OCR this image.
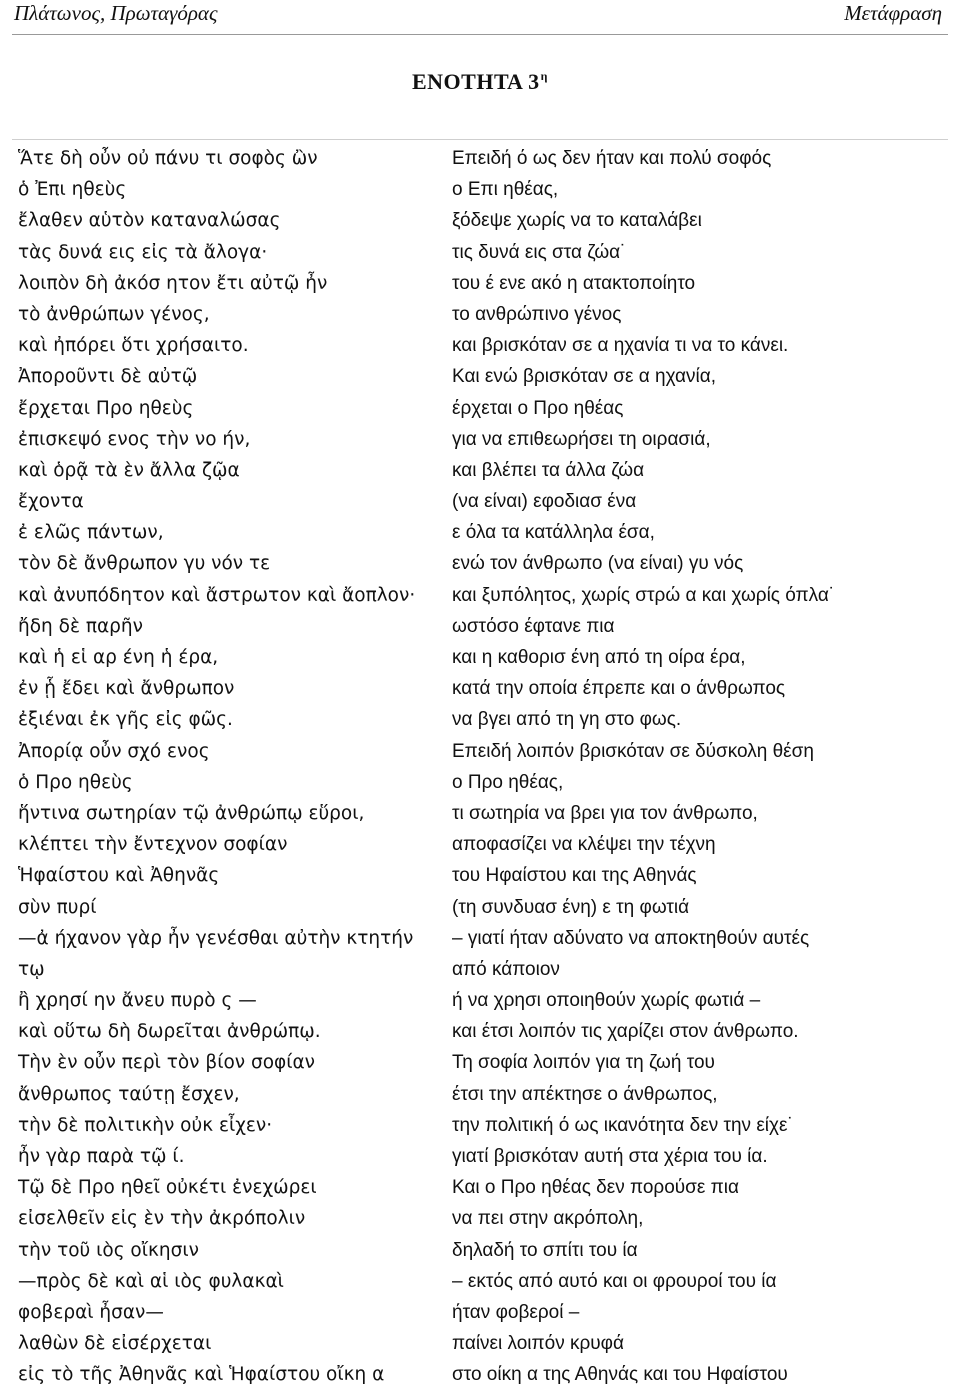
Πλάτωνος, Πρωταγόρας	Μετάφραση
ΕΝΟΤΗΤΑ $3^\eta$
Ἅτε δὴ οὖν οὐ πάνυ τι σοφὸς ὢν
ὁ Ἐπι ηθεὺς
ἔλαθεν αὑτὸν καταναλώσας
τὰς δυνά εις εἰς τὰ ἄλογα·
λοιπὸν δὴ ἀκόσ ητον ἔτι αὐτῷ ἦν
τὸ ἀνθρώπων γένος,
καὶ ἠπόρει ὅτι χρήσαιτο.
Ἀποροῦντι δὲ αὐτῷ
ἔρχεται Προ ηθεὺς
ἐπισκεψό ενος τὴν νο ήν,
καὶ ὁρᾷ τὰ ὲν ἄλλα ζῷα
ἔχοντα
ἐ ελῶς πάντων,
τὸν δὲ ἄνθρωπον γυ νόν τε
καὶ ἀνυπόδητον καὶ ἄστρωτον καὶ ἄοπλον·
ἤδη δὲ παρῆν
καὶ ἡ εἱ αρ ένη ἡ έρα,
ἐν ᾗ ἔδει καὶ ἄνθρωπον
ἐξιέναι ἐκ γῆς εἰς φῶς.
Ἀπορίᾳ οὖν σχό ενος
ὁ Προ ηθεὺς
ἥντινα σωτηρίαν τῷ ἀνθρώπῳ εὕροι,
κλέπτει τὴν ἔντεχνον σοφίαν
Ἡφαίστου καὶ Ἀθηνᾶς
σὺν πυρί
—ἀ ήχανον γὰρ ἦν γενέσθαι αὐτὴν κτητήν
τῳ
ἢ χρησί ην ἄνευ πυρὸ ς —
καὶ οὕτω δὴ δωρεῖται ἀνθρώπῳ.
Τὴν ὲν οὖν περὶ τὸν βίον σοφίαν
ἄνθρωπος ταύτῃ ἔσχεν,
τὴν δὲ πολιτικὴν οὐκ εἶχεν·
ἦν γὰρ παρὰ τῷ ί.
Τῷ δὲ Προ ηθεῖ οὐκέτι ἐνεχώρει
εἰσελθεῖν εἰς ὲν τὴν ἀκρόπολιν
τὴν τοῦ ιὸς οἴκησιν
—πρὸς δὲ καὶ αἱ ιὸς φυλακαὶ
φοβεραὶ ἦσαν—
λαθὼν δὲ εἰσέρχεται
εἰς τὸ τῆς Ἀθηνᾶς καὶ Ἡφαίστου οἴκη α
Επειδή ό ως δεν ήταν και πολύ σοφός
ο Επι ηθέας,
ξόδεψε χωρίς να το καταλάβει
τις δυνά εις στα ζώα˙
του έ ενε ακό η ατακτοποίητο
το ανθρώπινο γένος
και βρισκόταν σε α ηχανία τι να το κάνει.
Και ενώ βρισκόταν σε α ηχανία,
έρχεται ο Προ ηθέας
για να επιθεωρήσει τη οιρασιά,
και βλέπει τα άλλα ζώα
(να είναι) εφοδιασ ένα
ε όλα τα κατάλληλα έσα,
ενώ τον άνθρωπο (να είναι) γυ νός
και ξυπόλητος, χωρίς στρώ α και χωρίς όπλα˙
ωστόσο έφτανε πια
και η καθορισ ένη από τη οίρα έρα,
κατά την οποία έπρεπε και ο άνθρωπος
να βγει από τη γη στο φως.
Επειδή λοιπόν βρισκόταν σε δύσκολη θέση
ο Προ ηθέας,
τι σωτηρία να βρει για τον άνθρωπο,
αποφασίζει να κλέψει την τέχνη
του Ηφαίστου και της Αθηνάς
(τη συνδυασ ένη) ε τη φωτιά
– γιατί ήταν αδύνατο να αποκτηθούν αυτές
από κάποιον
ή να χρησι οποιηθούν χωρίς φωτιά –
και έτσι λοιπόν τις χαρίζει στον άνθρωπο.
Τη σοφία λοιπόν για τη ζωή του
έτσι την απέκτησε ο άνθρωπος,
την πολιτική ό ως ικανότητα δεν την είχε˙
γιατί βρισκόταν αυτή στα χέρια του ία.
Και ο Προ ηθέας δεν πορούσε πια
να πει στην ακρόπολη,
δηλαδή το σπίτι του ία
– εκτός από αυτό και οι φρουροί του ία
ήταν φοβεροί –
παίνει λοιπόν κρυφά
στο οίκη α της Αθηνάς και του Ηφαίστου
